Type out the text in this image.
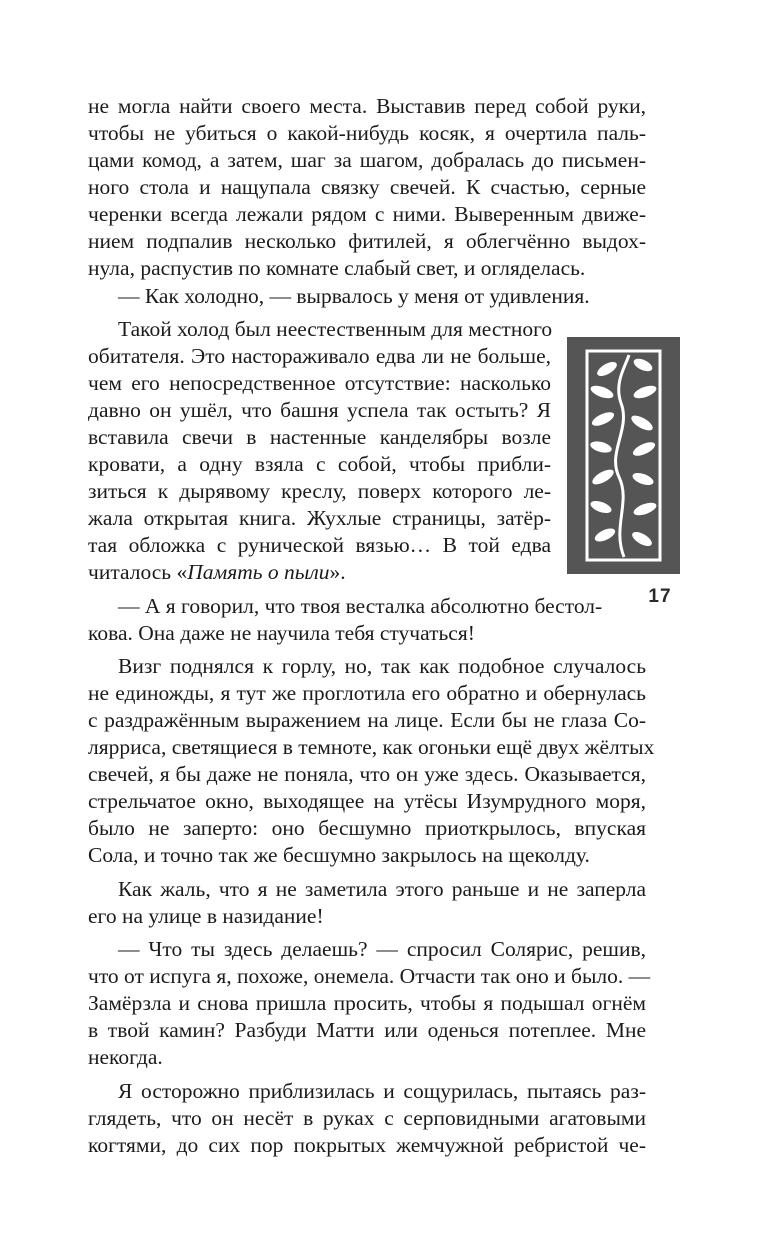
не могла найти своего места. Выставив перед собой руки,
чтобы не убиться о какой-нибудь косяк, я очертила паль-
цами комод, а затем, шаг за шагом, добралась до письмен-
ного стола и нащупала связку свечей. К счастью, серные
черенки всегда лежали рядом с ними. Выверенным движе-
нием подпалив несколько фитилей, я облегчённо выдох-
нула, распустив по комнате слабый свет, и огляделась.
— Как холодно, — вырвалось у меня от удивления.
Такой холод был неестественным для местного
обитателя. Это настораживало едва ли не больше,
чем его непосредственное отсутствие: насколько
давно он ушёл, что башня успела так остыть? Я
вставила свечи в настенные канделябры возле
кровати, а одну взяла с собой, чтобы прибли-
зиться к дырявому креслу, поверх которого ле-
жала открытая книга. Жухлые страницы, затёр-
тая обложка с рунической вязью… В той едва
читалось «Память о пыли».
— А я говорил, что твоя весталка абсолютно бестол-
кова. Она даже не научила тебя стучаться!
Визг поднялся к горлу, но, так как подобное случалось
не единожды, я тут же проглотила его обратно и обернулась
с раздражённым выражением на лице. Если бы не глаза Со-
лярриса, светящиеся в темноте, как огоньки ещё двух жёлтых
свечей, я бы даже не поняла, что он уже здесь. Оказывается,
стрельчатое окно, выходящее на утёсы Изумрудного моря,
было не заперто: оно бесшумно приоткрылось, впуская
Сола, и точно так же бесшумно закрылось на щеколду.
Как жаль, что я не заметила этого раньше и не заперла
его на улице в назидание!
— Что ты здесь делаешь? — спросил Солярис, решив,
что от испуга я, похоже, онемела. Отчасти так оно и было. —
Замёрзла и снова пришла просить, чтобы я подышал огнём
в твой камин? Разбуди Матти или оденься потеплее. Мне
некогда.
Я осторожно приблизилась и сощурилась, пытаясь раз-
глядеть, что он несёт в руках с серповидными агатовыми
когтями, до сих пор покрытых жемчужной ребристой че-
17
